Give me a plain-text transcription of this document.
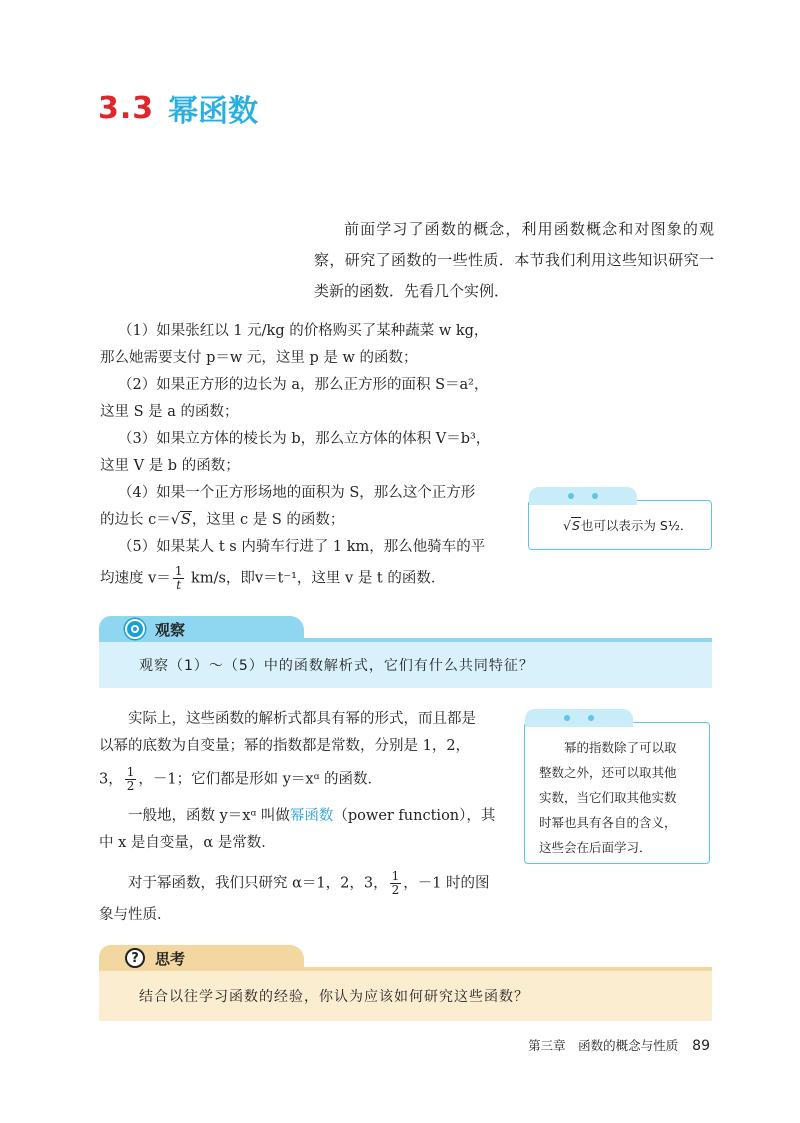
3.3 幂函数
前面学习了函数的概念，利用函数概念和对图象的观察，研究了函数的一些性质．本节我们利用这些知识研究一类新的函数．先看几个实例．
（1）如果张红以 1 元/kg 的价格购买了某种蔬菜 w kg，
那么她需要支付 p＝w 元，这里 p 是 w 的函数；
（2）如果正方形的边长为 a，那么正方形的面积 S＝a²，
这里 S 是 a 的函数；
（3）如果立方体的棱长为 b，那么立方体的体积 V＝b³，
这里 V 是 b 的函数；
（4）如果一个正方形场地的面积为 S，那么这个正方形
的边长 c＝√S，这里 c 是 S 的函数；
（5）如果某人 t s 内骑车行进了 1 km，那么他骑车的平
均速度 $v= \frac{1}{t} km/s$，即v＝t⁻¹，这里 v 是 t 的函数．
√S也可以表示为 S½．
观察
观察（1）～（5）中的函数解析式，它们有什么共同特征？
实际上，这些函数的解析式都具有幂的形式，而且都是
以幂的底数为自变量；幂的指数都是常数，分别是 1，2，
3， $\frac{1}{2}$ ，－1；它们都是形如 y＝xᵅ 的函数．
一般地，函数 y＝xᵅ 叫做幂函数（power function），其
中 x 是自变量，α 是常数．
对于幂函数，我们只研究 α＝1，2，3， $\frac{1}{2}$ ，－1 时的图
象与性质．
幂的指数除了可以取
整数之外，还可以取其他
实数，当它们取其他实数
时幂也具有各自的含义，
这些会在后面学习．
?	思考
结合以往学习函数的经验，你认为应该如何研究这些函数？
第三章　函数的概念与性质 89
